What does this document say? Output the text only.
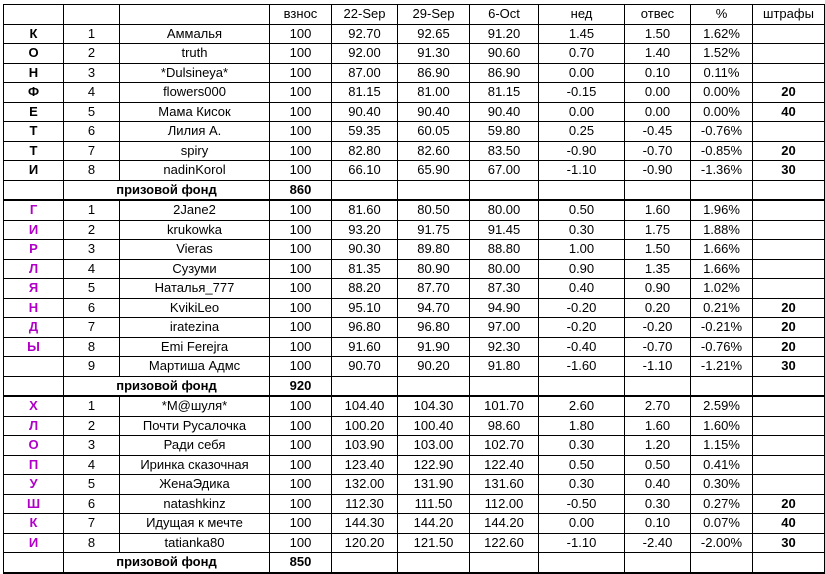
			взнос	22-Sep	29-Sep	6-Oct	нед	отвес	%	штрафы
К	1	Аммалья	100	92.70	92.65	91.20	1.45	1.50	1.62%	
О	2	truth	100	92.00	91.30	90.60	0.70	1.40	1.52%	
Н	3	*Dulsineya*	100	87.00	86.90	86.90	0.00	0.10	0.11%	
Ф	4	flowers000	100	81.15	81.00	81.15	-0.15	0.00	0.00%	20
Е	5	Мама Кисок	100	90.40	90.40	90.40	0.00	0.00	0.00%	40
Т	6	Лилия А.	100	59.35	60.05	59.80	0.25	-0.45	-0.76%	
Т	7	spiry	100	82.80	82.60	83.50	-0.90	-0.70	-0.85%	20
И	8	nadinKorol	100	66.10	65.90	67.00	-1.10	-0.90	-1.36%	30
	призовой фонд		860							
Г	1	2Jane2	100	81.60	80.50	80.00	0.50	1.60	1.96%	
И	2	krukowka	100	93.20	91.75	91.45	0.30	1.75	1.88%	
Р	3	Vieras	100	90.30	89.80	88.80	1.00	1.50	1.66%	
Л	4	Сузуми	100	81.35	80.90	80.00	0.90	1.35	1.66%	
Я	5	Наталья_777	100	88.20	87.70	87.30	0.40	0.90	1.02%	
Н	6	KvikiLeo	100	95.10	94.70	94.90	-0.20	0.20	0.21%	20
Д	7	iratezina	100	96.80	96.80	97.00	-0.20	-0.20	-0.21%	20
Ы	8	Emi Ferejra	100	91.60	91.90	92.30	-0.40	-0.70	-0.76%	20
	9	Мартиша Адмс	100	90.70	90.20	91.80	-1.60	-1.10	-1.21%	30
	призовой фонд		920							
Х	1	*M@шуля*	100	104.40	104.30	101.70	2.60	2.70	2.59%	
Л	2	Почти Русалочка	100	100.20	100.40	98.60	1.80	1.60	1.60%	
О	3	Ради себя	100	103.90	103.00	102.70	0.30	1.20	1.15%	
П	4	Иринка сказочная	100	123.40	122.90	122.40	0.50	0.50	0.41%	
У	5	ЖенаЭдика	100	132.00	131.90	131.60	0.30	0.40	0.30%	
Ш	6	natashkinz	100	112.30	111.50	112.00	-0.50	0.30	0.27%	20
К	7	Идущая к мечте	100	144.30	144.20	144.20	0.00	0.10	0.07%	40
И	8	tatianka80	100	120.20	121.50	122.60	-1.10	-2.40	-2.00%	30
	призовой фонд		850							
